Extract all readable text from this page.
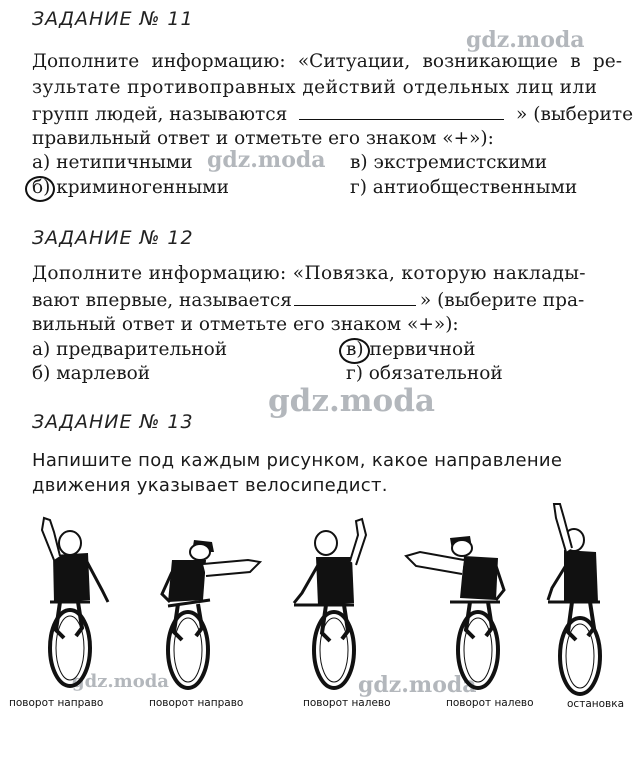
gdz.moda
gdz.moda
gdz.moda
gdz.moda	gdz.moda
ЗАДАНИЕ № 11
Дополните информацию: «Ситуации, возникающие в ре-
зультате противоправных действий отдельных лиц или
групп людей, называются	» (выберите
правильный ответ и отметьте его знаком «+»):
а) нетипичными	в) экстремистскими
б) криминогенными	г) антиобщественными
ЗАДАНИЕ № 12
Дополните информацию: «Повязка, которую наклады-
вают впервые, называется	» (выберите пра-
вильный ответ и отметьте его знаком «+»):
а) предварительной	в) первичной
б) марлевой	г) обязательной
ЗАДАНИЕ № 13
Напишите под каждым рисунком, какое направление
движения указывает велосипедист.
поворот направо	поворот направо	поворот налево	поворот налево	остановка
